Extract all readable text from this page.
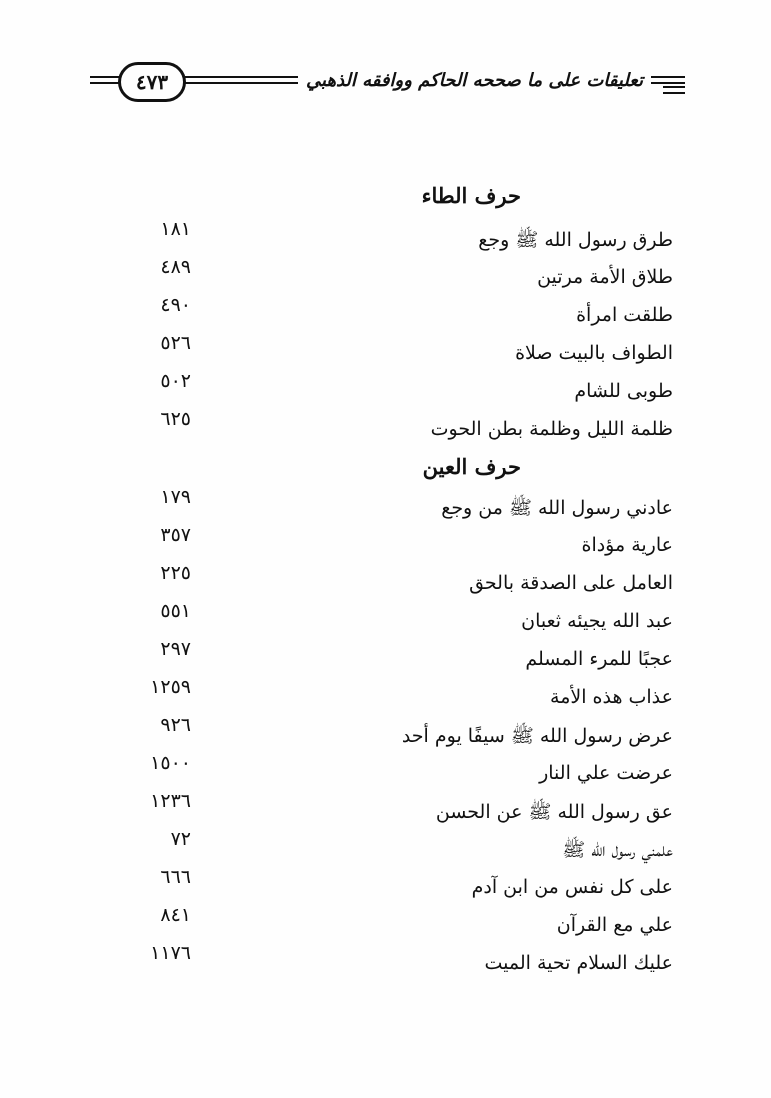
٤٧٣	تعليقات على ما صححه الحاكم ووافقه الذهبي
حرف الطاء
طرق رسول الله ﷺ وجع
١٨١
طلاق الأمة مرتين
٤٨٩
طلقت امرأة
٤٩٠
الطواف بالبيت صلاة
٥٢٦
طوبى للشام
٥٠٢
ظلمة الليل وظلمة بطن الحوت
٦٢٥
حرف العين
عادني رسول الله ﷺ من وجع
١٧٩
عارية مؤداة
٣٥٧
العامل على الصدقة بالحق
٢٢٥
عبد الله يجيئه ثعبان
٥٥١
عجبًا للمرء المسلم
٢٩٧
عذاب هذه الأمة
١٢٥٩
عرض رسول الله ﷺ سيفًا يوم أحد
٩٢٦
عرضت علي النار
١٥٠٠
عق رسول الله ﷺ عن الحسن
١٢٣٦
علمني رسول الله ﷺ
٧٢
على كل نفس من ابن آدم
٦٦٦
علي مع القرآن
٨٤١
عليك السلام تحية الميت
١١٧٦
